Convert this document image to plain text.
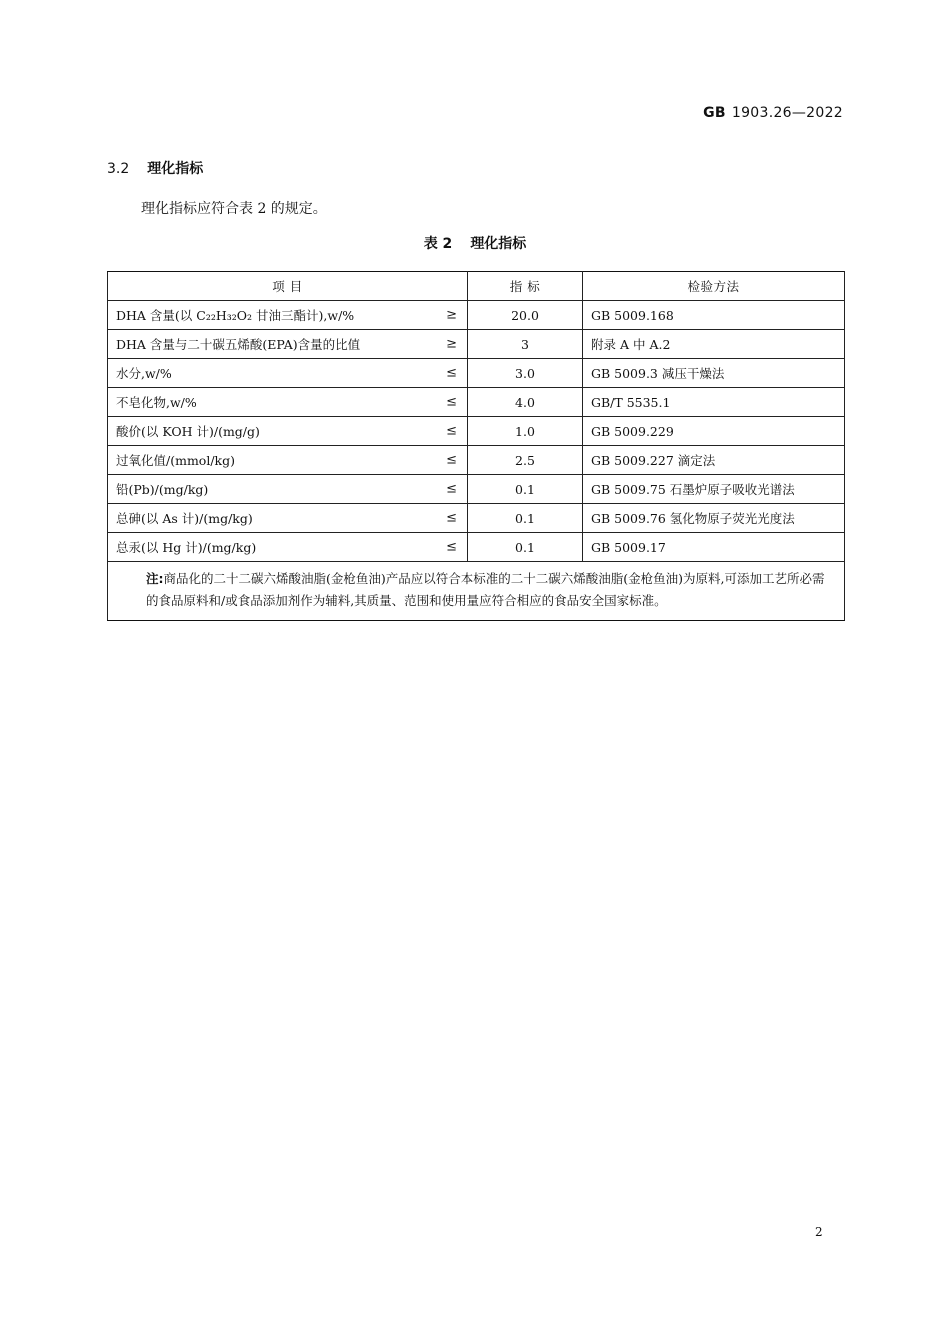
GB 1903.26—2022
3.2 理化指标
理化指标应符合表 2 的规定。
表 2 理化指标
项 目	指 标	检验方法
DHA 含量(以 C₂₂H₃₂O₂ 甘油三酯计),w/% ≥	20.0	GB 5009.168
DHA 含量与二十碳五烯酸(EPA)含量的比值 ≥	3	附录 A 中 A.2
水分,w/% ≤	3.0	GB 5009.3 减压干燥法
不皂化物,w/% ≤	4.0	GB/T 5535.1
酸价(以 KOH 计)/(mg/g) ≤	1.0	GB 5009.229
过氧化值/(mmol/kg) ≤	2.5	GB 5009.227 滴定法
铅(Pb)/(mg/kg) ≤	0.1	GB 5009.75 石墨炉原子吸收光谱法
总砷(以 As 计)/(mg/kg) ≤	0.1	GB 5009.76 氢化物原子荧光光度法
总汞(以 Hg 计)/(mg/kg) ≤	0.1	GB 5009.17
注:商品化的二十二碳六烯酸油脂(金枪鱼油)产品应以符合本标准的二十二碳六烯酸油脂(金枪鱼油)为原料,可添加工艺所必需的食品原料和/或食品添加剂作为辅料,其质量、范围和使用量应符合相应的食品安全国家标准。		
2
